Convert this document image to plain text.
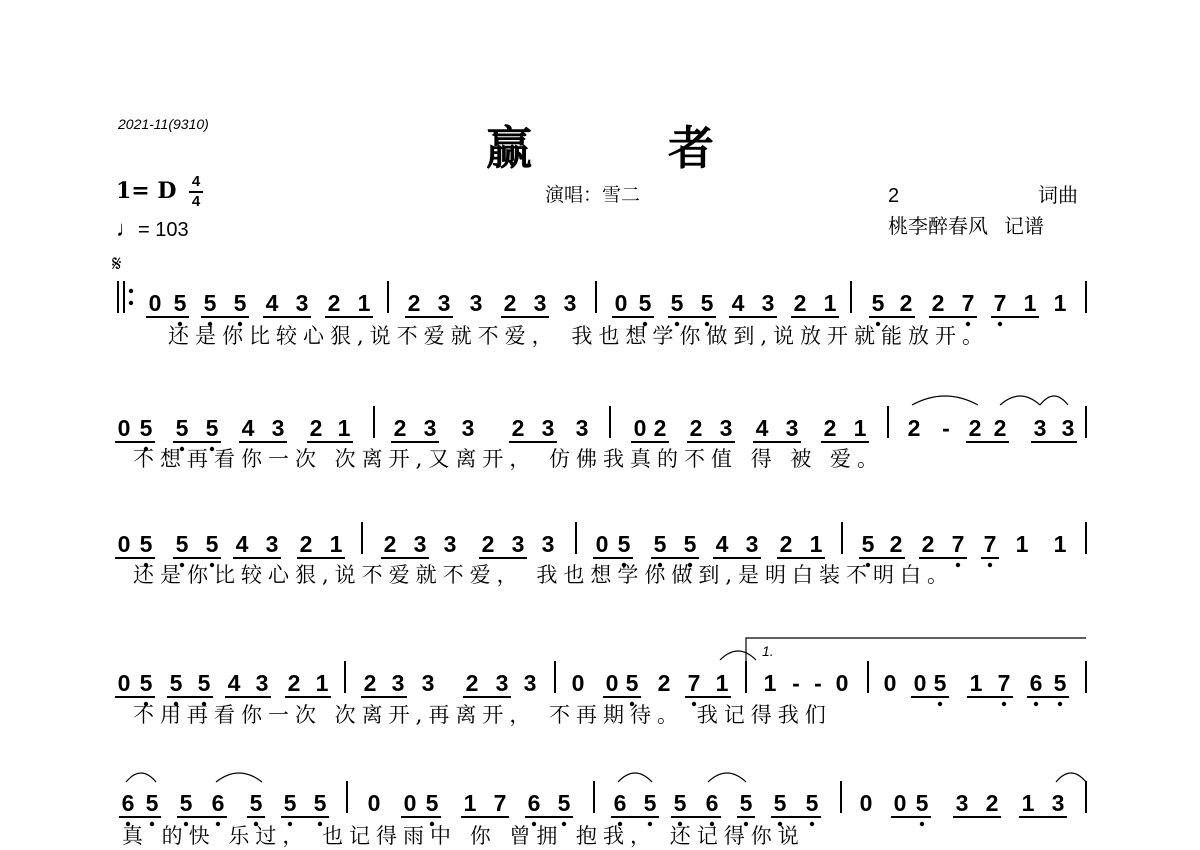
2021-11(9310)	赢 者
演唱：雪二	2	词曲
桃李醉春风 记谱
1= D 4
4
♩= 103
𝄋
0 5 5 5 4 3 2 1 2 3 3 2 3 3 0 5 5 5 4 3 2 1 5 2 2 7 7 1 1
还是你比较心狠,说不爱就不爱， 我也想学你做到,说放开就能放开。
0 5 5 5 4 3 2 1 2 3 3 2 3 3 0 2 2 3 4 3 2 1 2 - 2 2 3 3
不想再看你一次 次离开,又离开， 仿佛我真的不值 得 被 爱。
0 5 5 5 4 3 2 1 2 3 3 2 3 3 0 5 5 5 4 3 2 1 5 2 2 7 7 1 1
还是你比较心狠,说不爱就不爱， 我也想学你做到,是明白装不明白。
0 5 5 5 4 3 2 1 2 3 3 2 3 3 0 0 5 2 7 1 1 - - 0 0 0 5 1 7 6 5
不用再看你一次 次离开,再离开， 不再期待。 我记得我们
6 5 5 6 5 5 5 0 0 5 1 7 6 5 6 5 5 6 5 5 5 0 0 5 3 2 1 3
真 的快 乐过， 也记得雨中 你 曾拥 抱我， 还记得你说
1.
